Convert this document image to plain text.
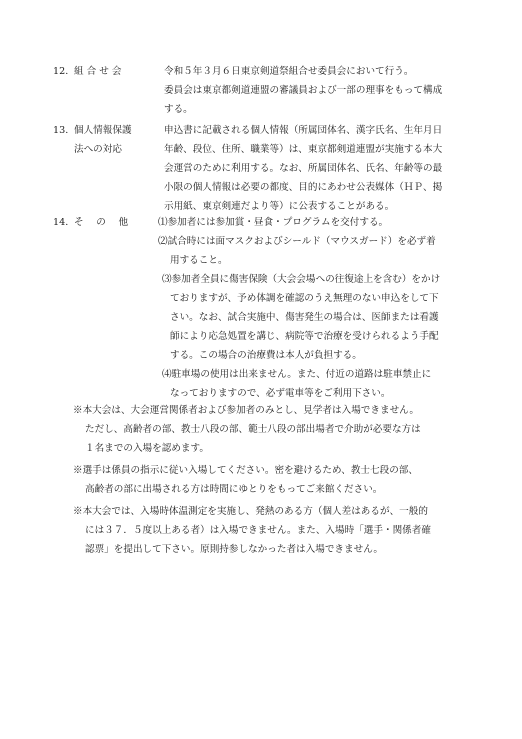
12. 組 合 せ 会	令和５年３月６日東京剣道祭組合せ委員会において行う。
委員会は東京都剣道連盟の審議員および一部の理事をもって構成
する。
13. 個人情報保護
法への対応
申込書に記載される個人情報（所属団体名、漢字氏名、生年月日
年齢、段位、住所、職業等）は、東京都剣道連盟が実施する本大
会運営のために利用する。なお、所属団体名、氏名、年齢等の最
小限の個人情報は必要の都度、目的にあわせ公表媒体（ＨＰ、掲
示用紙、東京剣連だより等）に公表することがある。
14. そ　 の　 他	⑴参加者には参加賞・昼食・プログラムを交付する。
⑵試合時には面マスクおよびシールド（マウスガード）を必ず着
用すること。
⑶参加者全員に傷害保険（大会会場への往復途上を含む）をかけ
ておりますが、予め体調を確認のうえ無理のない申込をして下
さい。なお、試合実施中、傷害発生の場合は、医師または看護
師により応急処置を講じ、病院等で治療を受けられるよう手配
する。この場合の治療費は本人が負担する。
⑷駐車場の使用は出来ません。また、付近の道路は駐車禁止に
なっておりますので、必ず電車等をご利用下さい。
※本大会は、大会運営関係者および参加者のみとし、見学者は入場できません。
ただし、高齢者の部、教士八段の部、範士八段の部出場者で介助が必要な方は
１名までの入場を認めます。
※選手は係員の指示に従い入場してください。密を避けるため、教士七段の部、
高齢者の部に出場される方は時間にゆとりをもってご来館ください。
※本大会では、入場時体温測定を実施し、発熱のある方（個人差はあるが、一般的
には３７．５度以上ある者）は入場できません。また、入場時「選手・関係者確
認票」を提出して下さい。原則持参しなかった者は入場できません。
